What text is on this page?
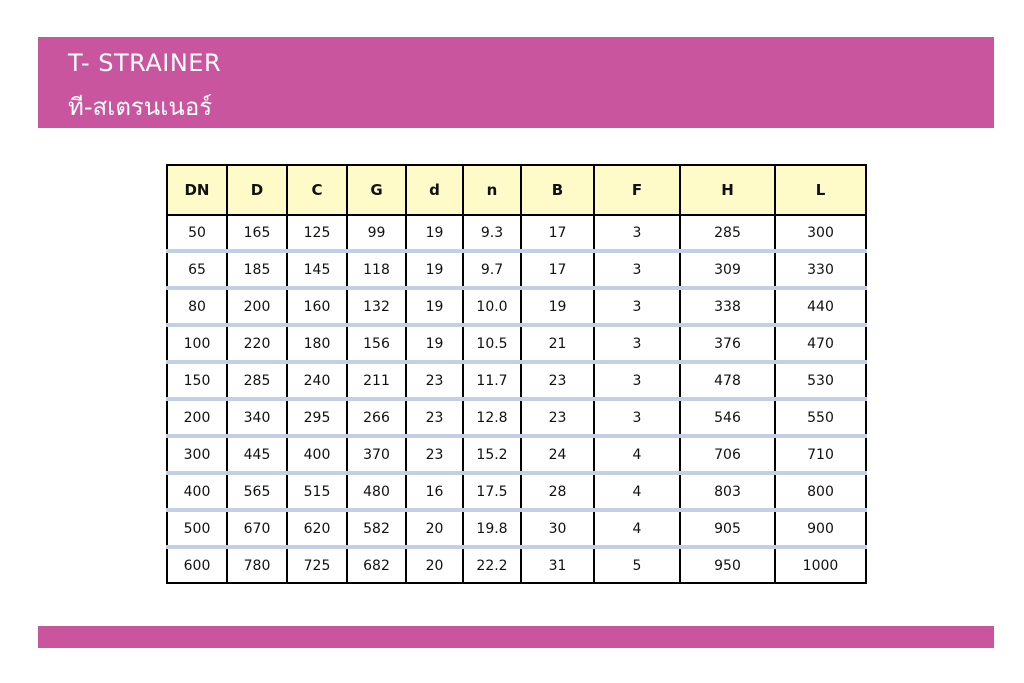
T- STRAINER
ที-สเตรนเนอร์
DN	D	C	G	d	n	B	F	H	L
50	165	125	99	19	9.3	17	3	285	300
65	185	145	118	19	9.7	17	3	309	330
80	200	160	132	19	10.0	19	3	338	440
100	220	180	156	19	10.5	21	3	376	470
150	285	240	211	23	11.7	23	3	478	530
200	340	295	266	23	12.8	23	3	546	550
300	445	400	370	23	15.2	24	4	706	710
400	565	515	480	16	17.5	28	4	803	800
500	670	620	582	20	19.8	30	4	905	900
600	780	725	682	20	22.2	31	5	950	1000
